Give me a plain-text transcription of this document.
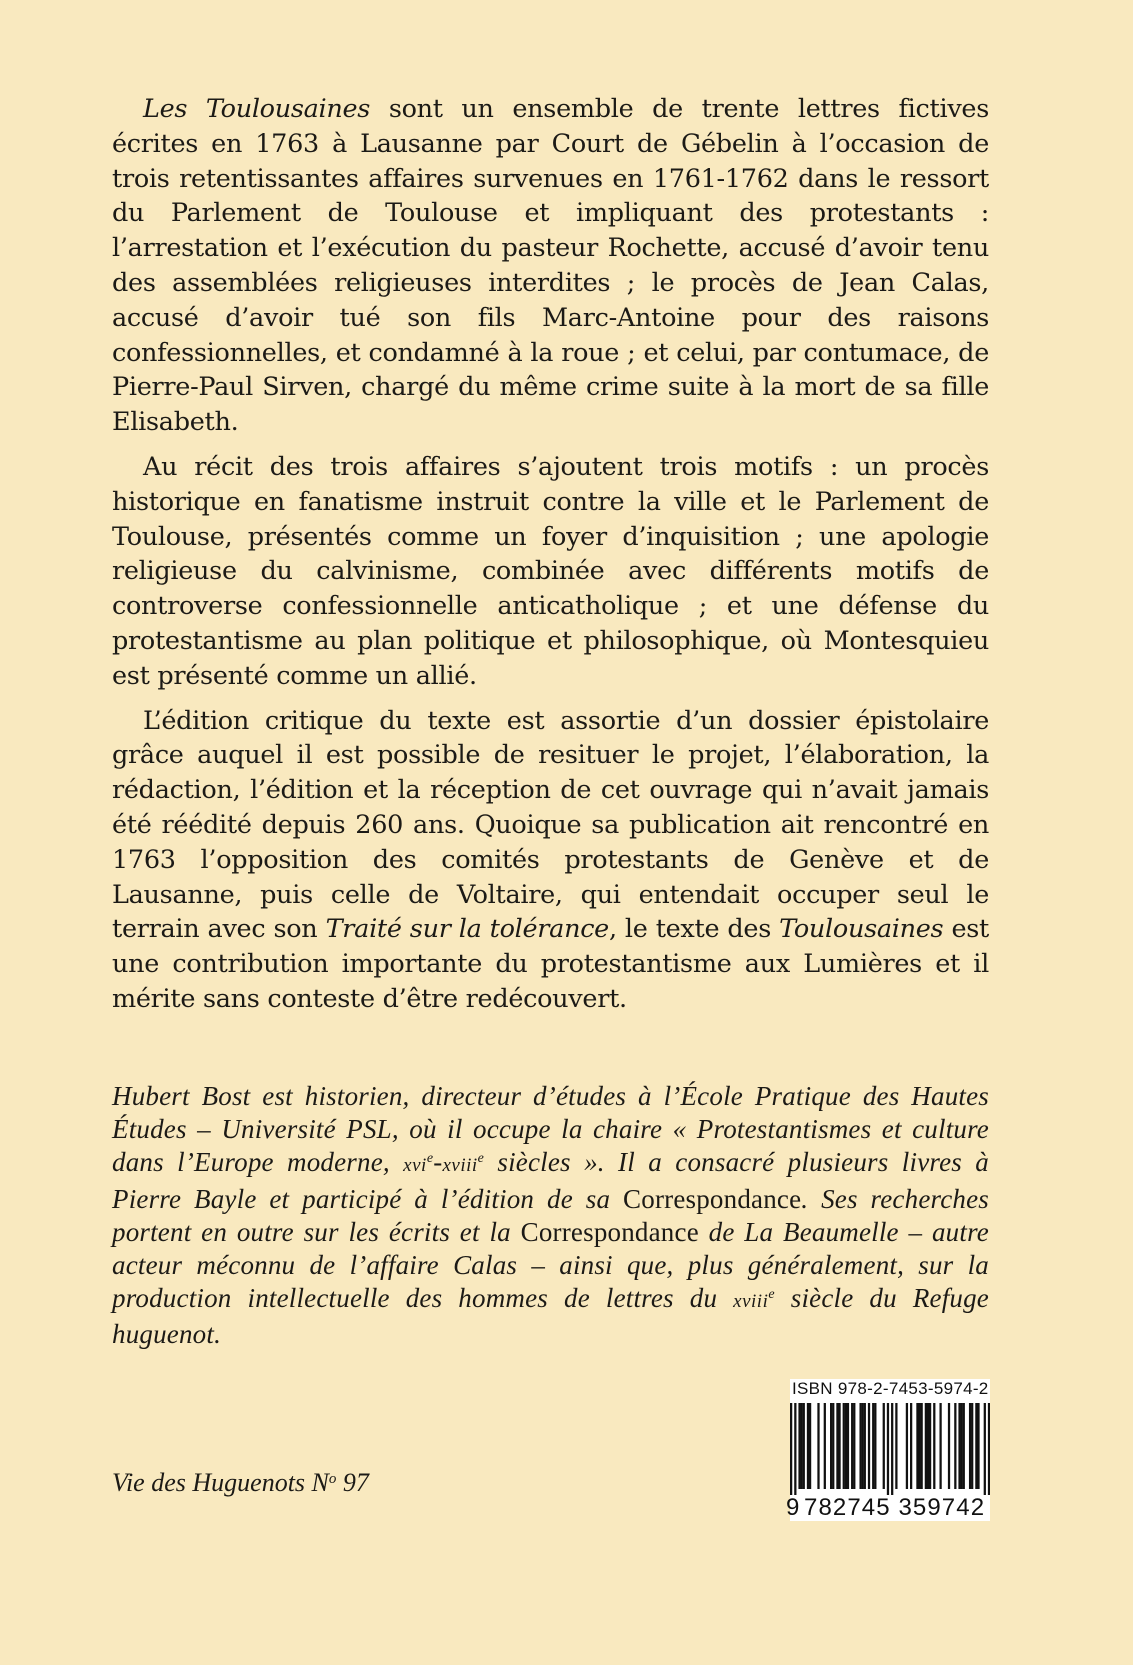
Les Toulousaines sont un ensemble de trente lettres fictives écrites en 1763 à Lausanne par Court de Gébelin à l’occasion de trois retentissantes affaires survenues en 1761-1762 dans le ressort du Parlement de Toulouse et impliquant des protestants : l’arrestation et l’exécution du pasteur Rochette, accusé d’avoir tenu des assemblées religieuses interdites ; le procès de Jean Calas, accusé d’avoir tué son fils Marc-Antoine pour des raisons confessionnelles, et condamné à la roue ; et celui, par contumace, de Pierre-Paul Sirven, chargé du même crime suite à la mort de sa fille Elisabeth.

Au récit des trois affaires s’ajoutent trois motifs : un procès historique en fanatisme instruit contre la ville et le Parlement de Toulouse, présentés comme un foyer d’inquisition ; une apologie religieuse du calvinisme, combinée avec différents motifs de controverse confessionnelle anticatholique ; et une défense du protestantisme au plan politique et philosophique, où Montesquieu est présenté comme un allié.

L’édition critique du texte est assortie d’un dossier épistolaire grâce auquel il est possible de resituer le projet, l’élaboration, la rédaction, l’édition et la réception de cet ouvrage qui n’avait jamais été réédité depuis 260 ans. Quoique sa publication ait rencontré en 1763 l’opposition des comités protestants de Genève et de Lausanne, puis celle de Voltaire, qui entendait occuper seul le terrain avec son Traité sur la tolérance, le texte des Toulousaines est une contribution importante du protestantisme aux Lumières et il mérite sans conteste d’être redécouvert.

Hubert Bost est historien, directeur d’études à l’École Pratique des Hautes Études – Université PSL, où il occupe la chaire « Protestantismes et culture dans l’Europe moderne, xvi$^e$-xviii$^e$ siècles ». Il a consacré plusieurs livres à Pierre Bayle et participé à l’édition de sa Correspondance. Ses recherches portent en outre sur les écrits et la Correspondance de La Beaumelle – autre acteur méconnu de l’affaire Calas – ainsi que, plus généralement, sur la production intellectuelle des hommes de lettres du xviii$^e$ siècle du Refuge huguenot.
Vie des Huguenots $N^o$ 97
ISBN 978-2-7453-5974-2
9 782745 359742
